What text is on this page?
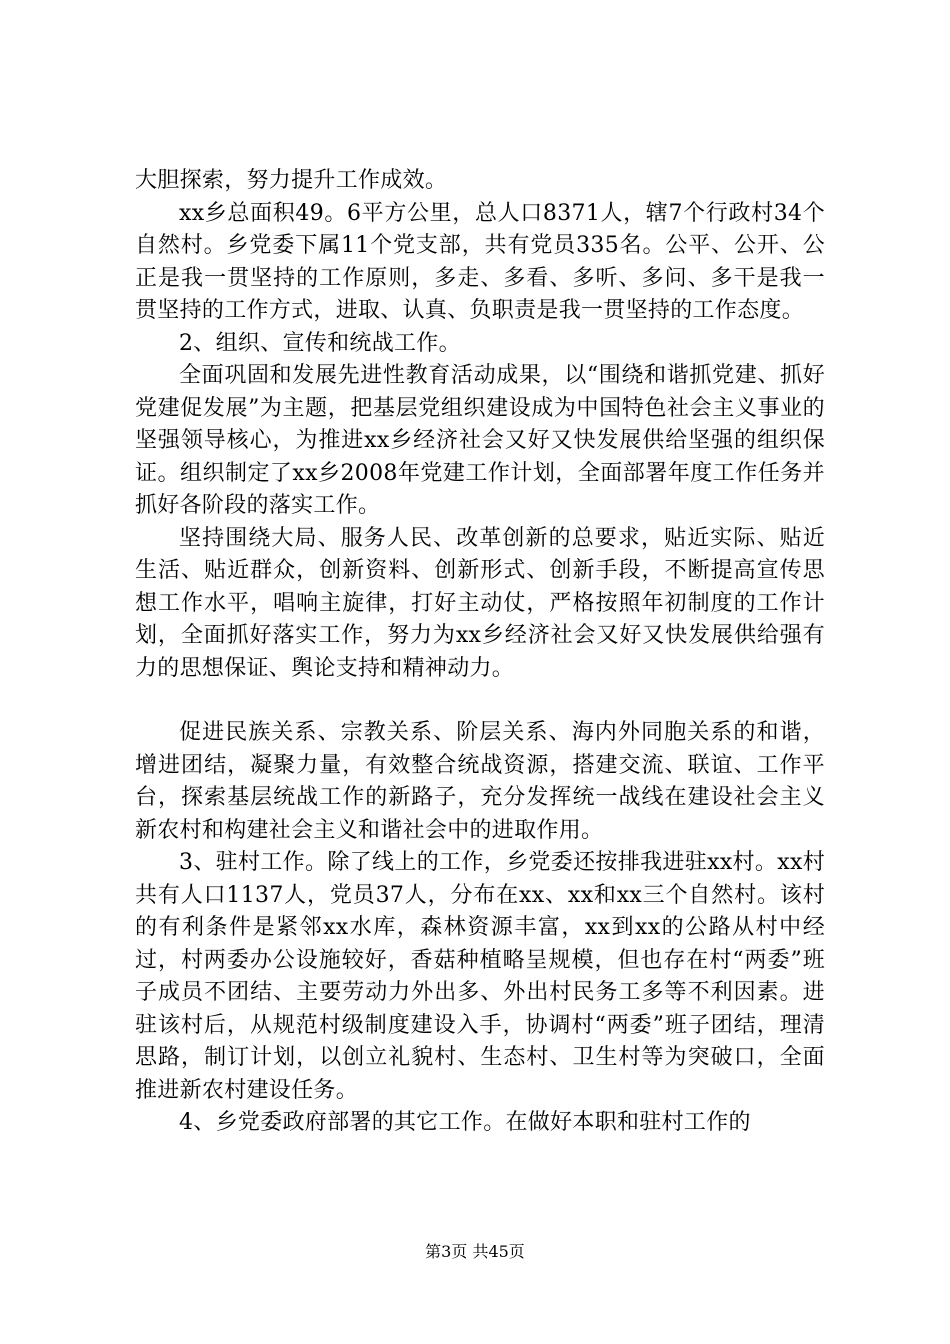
大胆探索，努力提升工作成效。

xx乡总面积49。6平方公里，总人口8371人，辖7个行政村34个自然村。乡党委下属11个党支部，共有党员335名。公平、公开、公正是我一贯坚持的工作原则，多走、多看、多听、多问、多干是我一贯坚持的工作方式，进取、认真、负职责是我一贯坚持的工作态度。

2、组织、宣传和统战工作。

全面巩固和发展先进性教育活动成果，以“围绕和谐抓党建、抓好党建促发展”为主题，把基层党组织建设成为中国特色社会主义事业的坚强领导核心，为推进xx乡经济社会又好又快发展供给坚强的组织保证。组织制定了xx乡2008年党建工作计划，全面部署年度工作任务并抓好各阶段的落实工作。

坚持围绕大局、服务人民、改革创新的总要求，贴近实际、贴近生活、贴近群众，创新资料、创新形式、创新手段，不断提高宣传思想工作水平，唱响主旋律，打好主动仗，严格按照年初制度的工作计划，全面抓好落实工作，努力为xx乡经济社会又好又快发展供给强有力的思想保证、舆论支持和精神动力。

促进民族关系、宗教关系、阶层关系、海内外同胞关系的和谐，增进团结，凝聚力量，有效整合统战资源，搭建交流、联谊、工作平台，探索基层统战工作的新路子，充分发挥统一战线在建设社会主义新农村和构建社会主义和谐社会中的进取作用。

3、驻村工作。除了线上的工作，乡党委还按排我进驻xx村。xx村共有人口1137人，党员37人，分布在xx、xx和xx三个自然村。该村的有利条件是紧邻xx水库，森林资源丰富，xx到xx的公路从村中经过，村两委办公设施较好，香菇种植略呈规模，但也存在村“两委”班子成员不团结、主要劳动力外出多、外出村民务工多等不利因素。进驻该村后，从规范村级制度建设入手，协调村“两委”班子团结，理清思路，制订计划，以创立礼貌村、生态村、卫生村等为突破口，全面推进新农村建设任务。

4、乡党委政府部署的其它工作。在做好本职和驻村工作的

第3页 共45页
